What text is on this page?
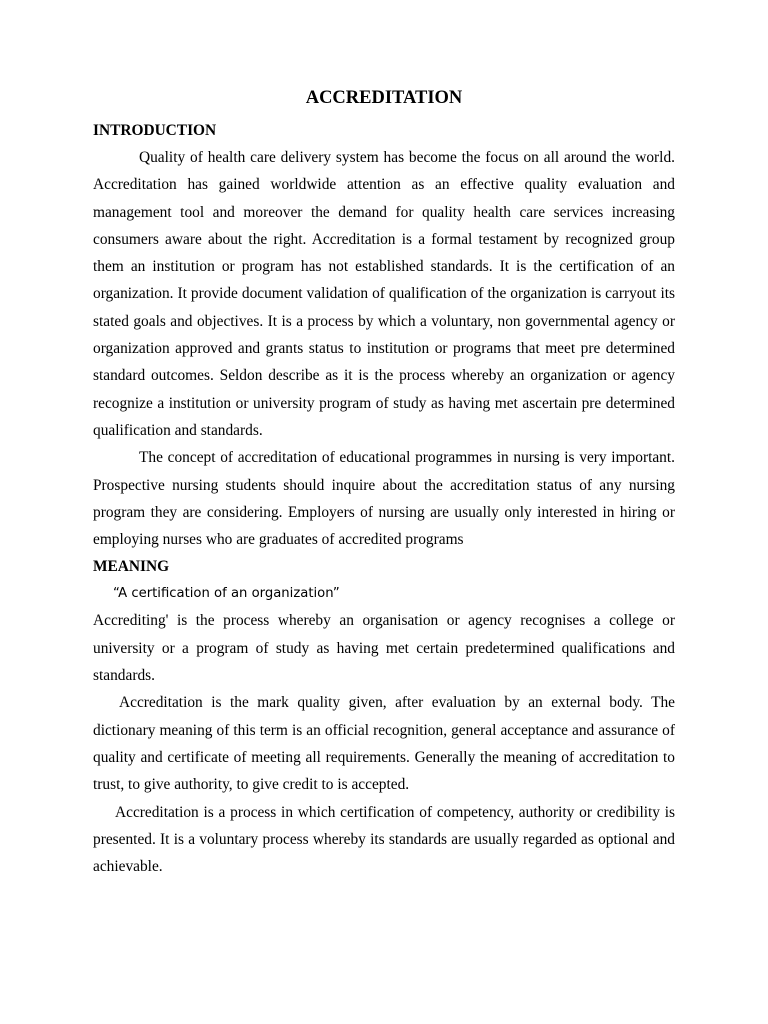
ACCREDITATION
INTRODUCTION

Quality of health care delivery system has become the focus on all around the world. Accreditation has gained worldwide attention as an effective quality evaluation and management tool and moreover the demand for quality health care services increasing consumers aware about the right. Accreditation is a formal testament by recognized group them an institution or program has not established standards. It is the certification of an organization. It provide document validation of qualification of the organization is carryout its stated goals and objectives. It is a process by which a voluntary, non governmental agency or organization approved and grants status to institution or programs that meet pre determined standard outcomes. Seldon describe as it is the process whereby an organization or agency recognize a institution or university program of study as having met ascertain pre determined qualification and standards.

The concept of accreditation of educational programmes in nursing is very important. Prospective nursing students should inquire about the accreditation status of any nursing program they are considering. Employers of nursing are usually only interested in hiring or employing nurses who are graduates of accredited programs

MEANING
“A certification of an organization”

Accrediting' is the process whereby an organisation or agency recognises a college or university or a program of study as having met certain predetermined qualifications and standards.

Accreditation is the mark quality given, after evaluation by an external body. The dictionary meaning of this term is an official recognition, general acceptance and assurance of quality and certificate of meeting all requirements. Generally the meaning of accreditation to trust, to give authority, to give credit to is accepted.

Accreditation is a process in which certification of competency, authority or credibility is presented. It is a voluntary process whereby its standards are usually regarded as optional and achievable.
